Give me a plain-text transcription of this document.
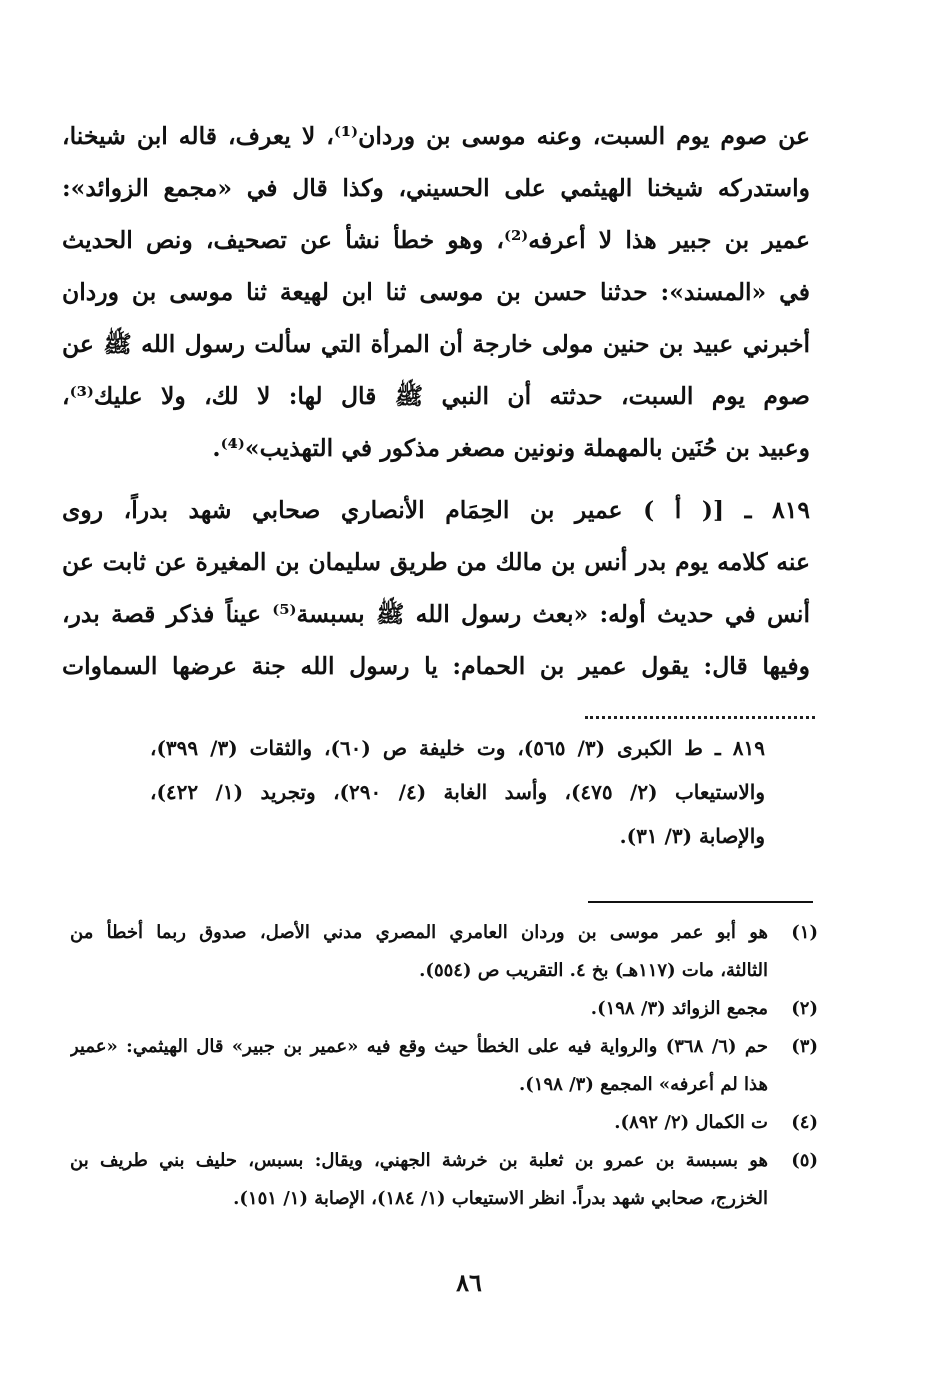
عن صوم يوم السبت، وعنه موسى بن وردان⁽¹⁾، لا يعرف، قاله ابن شيخنا،
واستدركه شيخنا الهيثمي على الحسيني، وكذا قال في «مجمع الزوائد»:
عمير بن جبير هذا لا أعرفه⁽²⁾، وهو خطأ نشأ عن تصحيف، ونص الحديث
في «المسند»: حدثنا حسن بن موسى ثنا ابن لهيعة ثنا موسى بن وردان
أخبرني عبيد بن حنين مولى خارجة أن المرأة التي سألت رسول الله ﷺ عن
صوم يوم السبت، حدثته أن النبي ﷺ قال لها: لا لك، ولا عليك⁽³⁾،
وعبيد بن حُنَين بالمهملة ونونين مصغر مذكور في التهذيب»⁽⁴⁾.
٨١٩ ـ [( أ ) عمير بن الحِمَام الأنصاري صحابي شهد بدراً، روى
عنه كلامه يوم بدر أنس بن مالك من طريق سليمان بن المغيرة عن ثابت عن
أنس في حديث أوله: «بعث رسول الله ﷺ بسبسة⁽⁵⁾ عيناً فذكر قصة بدر،
وفيها قال: يقول عمير بن الحمام: يا رسول الله جنة عرضها السماوات
٨١٩ ـ ط الكبرى (٣/ ٥٦٥)، وت خليفة ص (٦٠)، والثقات (٣/ ٣٩٩)،
والاستيعاب (٢/ ٤٧٥)، وأسد الغابة (٤/ ٢٩٠)، وتجريد (١/ ٤٢٢)،
والإصابة (٣/ ٣١).
(١)
هو أبو عمر موسى بن وردان العامري المصري مدني الأصل، صدوق ربما أخطأ من
الثالثة، مات (١١٧هـ) بخ ٤. التقريب ص (٥٥٤).
(٢)
مجمع الزوائد (٣/ ١٩٨).
(٣)
حم (٦/ ٣٦٨) والرواية فيه على الخطأ حيث وقع فيه «عمير بن جبير» قال الهيثمي: «عمير
هذا لم أعرفه» المجمع (٣/ ١٩٨).
(٤)
ت الكمال (٢/ ٨٩٢).
(٥)
هو بسبسة بن عمرو بن ثعلبة بن خرشة الجهني، ويقال: بسبس، حليف بني طريف بن
الخزرج، صحابي شهد بدراً. انظر الاستيعاب (١/ ١٨٤)، الإصابة (١/ ١٥١).
٨٦
